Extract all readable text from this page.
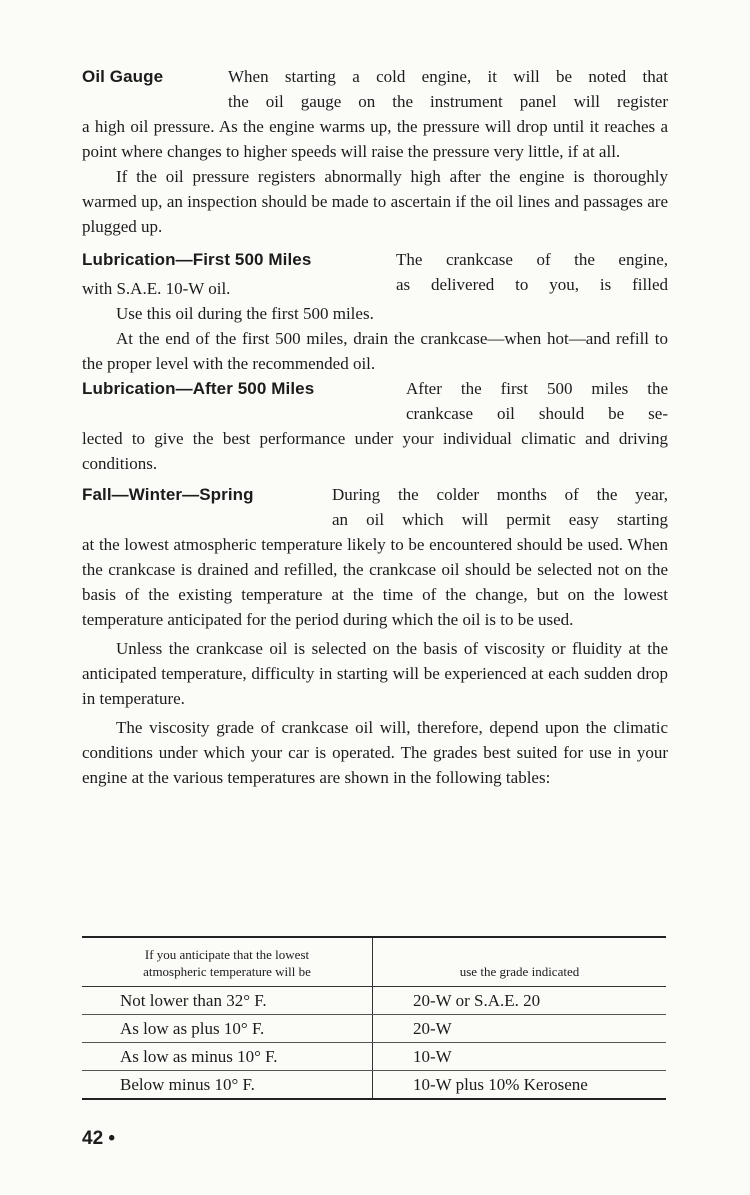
Oil Gauge	When starting a cold engine, it will be noted that
the oil gauge on the instrument panel will register

a high oil pressure. As the engine warms up, the pressure will drop until it reaches a point where changes to higher speeds will raise the pressure very little, if at all.

If the oil pressure registers abnormally high after the engine is thoroughly warmed up, an inspection should be made to ascertain if the oil lines and passages are plugged up.

Lubrication—First 500 Miles	The crankcase of the engine,
with S.A.E. 10-W oil.	as delivered to you, is filled

Use this oil during the first 500 miles.

At the end of the first 500 miles, drain the crankcase—when hot—and refill to the proper level with the recommended oil.

Lubrication—After 500 Miles	After the first 500 miles the
crankcase oil should be se-

lected to give the best performance under your individual climatic and driving conditions.

Fall—Winter—Spring	During the colder months of the year,
an oil which will permit easy starting

at the lowest atmospheric temperature likely to be encountered should be used. When the crankcase is drained and refilled, the crankcase oil should be selected not on the basis of the existing temperature at the time of the change, but on the lowest temperature anticipated for the period during which the oil is to be used.

Unless the crankcase oil is selected on the basis of viscosity or fluidity at the anticipated temperature, difficulty in starting will be experienced at each sudden drop in temperature.

The viscosity grade of crankcase oil will, therefore, depend upon the climatic conditions under which your car is operated. The grades best suited for use in your engine at the various temperatures are shown in the following tables:

If you anticipate that the lowest
atmospheric temperature will be	use the grade indicated
Not lower than 32° F.	20-W or S.A.E. 20
As low as plus 10° F.	20-W
As low as minus 10° F.	10-W
Below minus 10° F.	10-W plus 10% Kerosene
42 •
